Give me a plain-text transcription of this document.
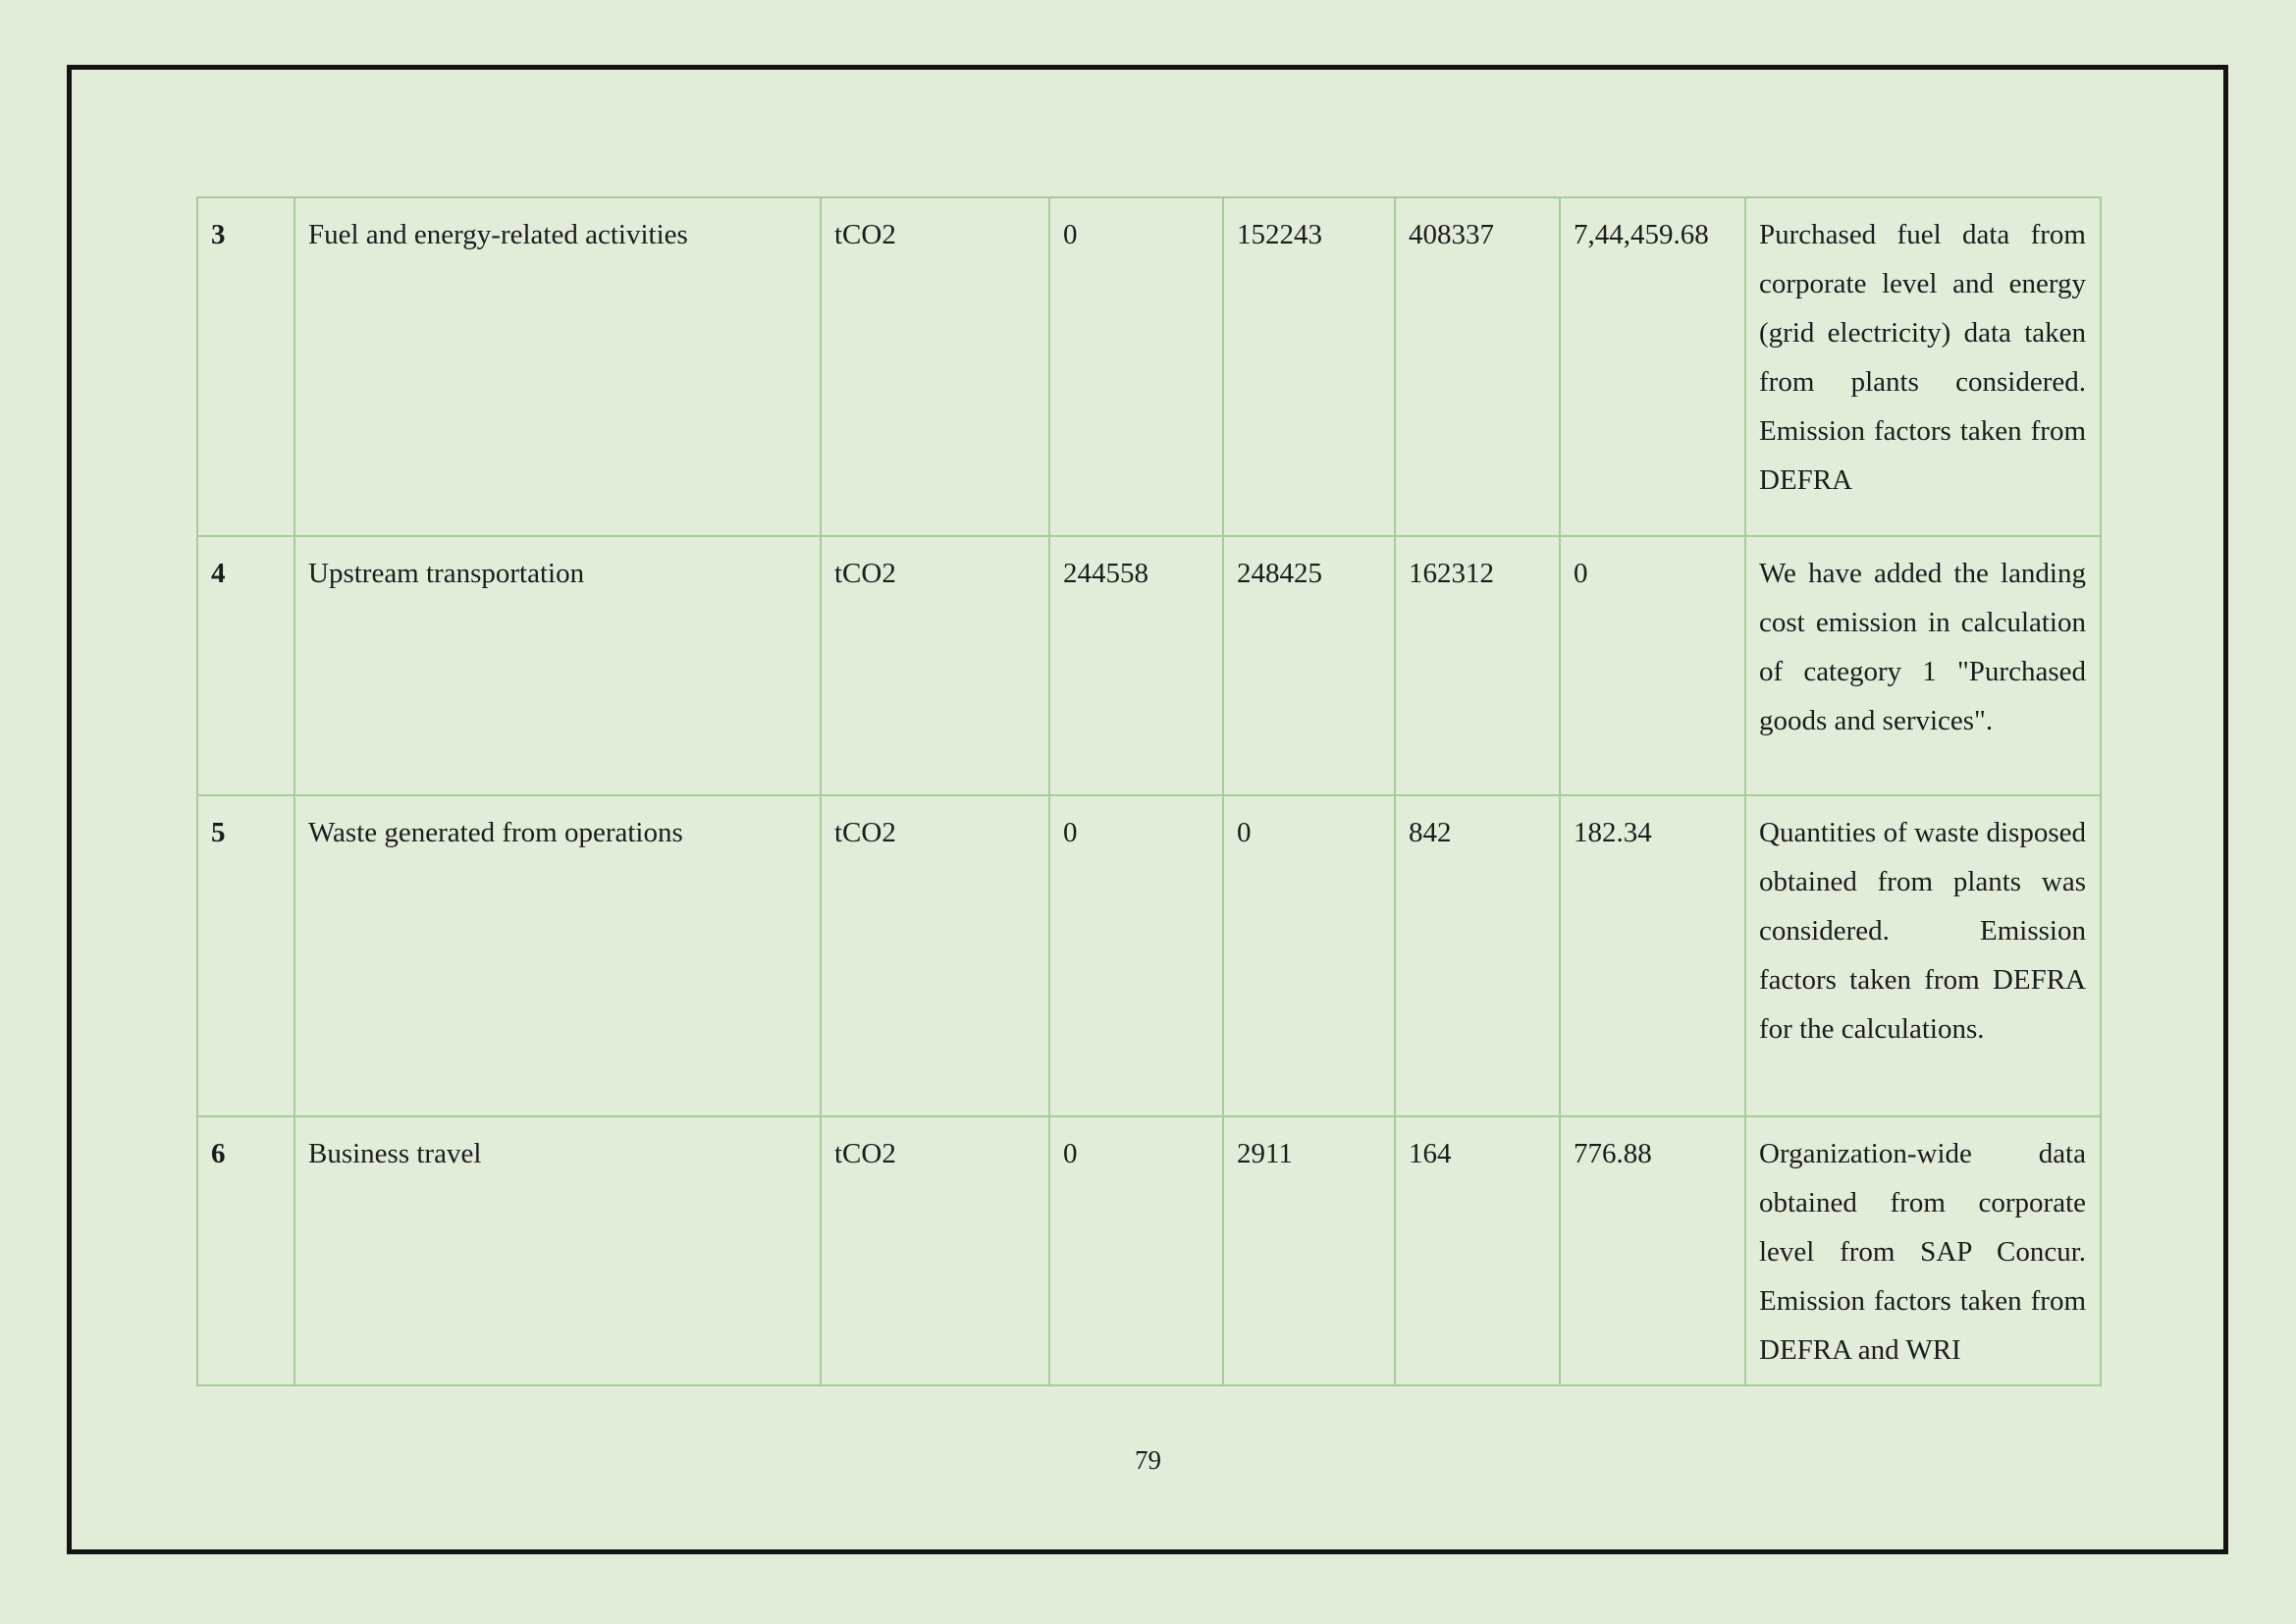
3	Fuel and energy-related activities	tCO2	0	152243	408337	7,44,459.68	Purchased fuel data from corporate level and energy (grid electricity) data taken from plants considered. Emission factors taken from DEFRA
4	Upstream transportation	tCO2	244558	248425	162312	0	We have added the landing cost emission in calculation of category 1 "Purchased goods and services".
5	Waste generated from operations	tCO2	0	0	842	182.34	Quantities of waste disposed obtained from plants was considered. Emission factors taken from DEFRA for the calculations.
6	Business travel	tCO2	0	2911	164	776.88	Organization-wide data obtained from corporate level from SAP Concur. Emission factors taken from DEFRA and WRI
79
